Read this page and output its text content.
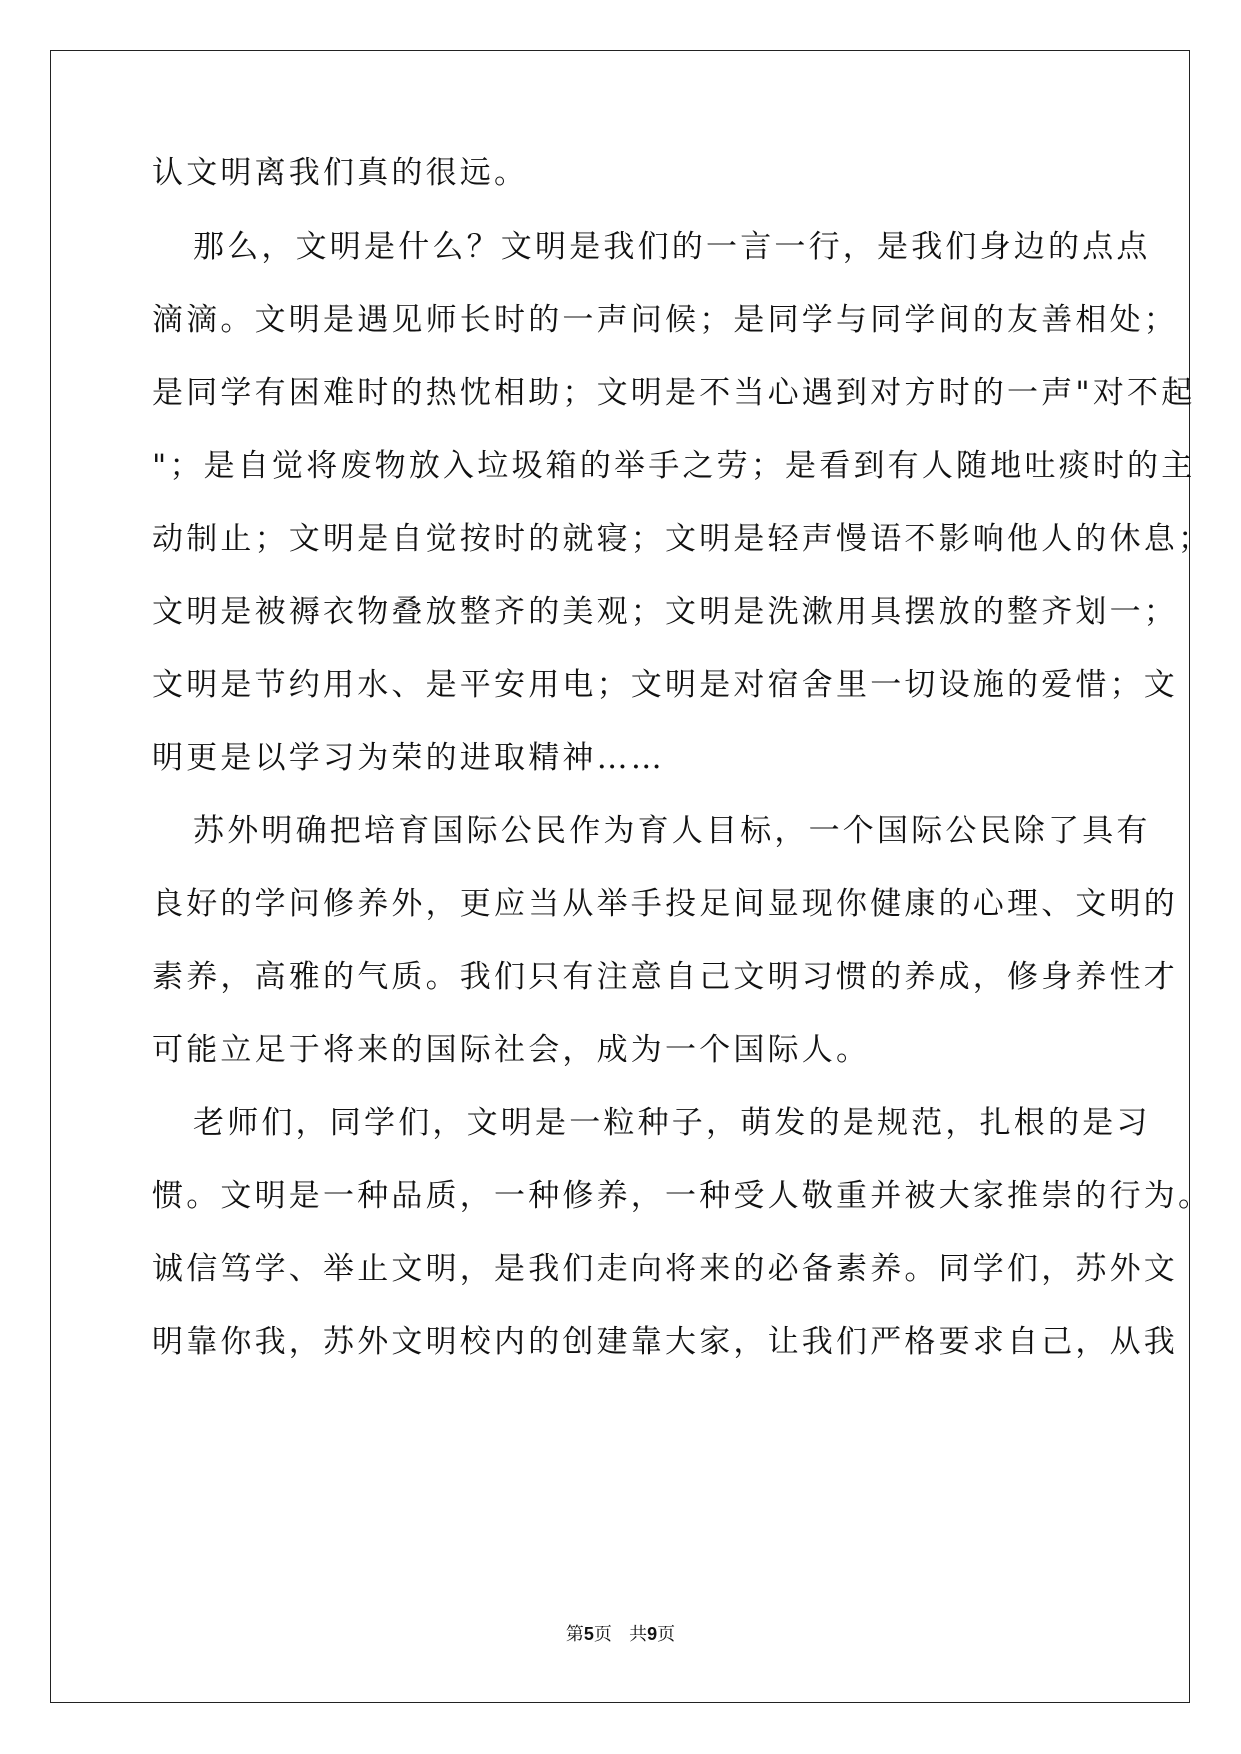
认文明离我们真的很远。
那么，文明是什么？文明是我们的一言一行，是我们身边的点点
滴滴。文明是遇见师长时的一声问候；是同学与同学间的友善相处；
是同学有困难时的热忱相助；文明是不当心遇到对方时的一声"对不起
"；是自觉将废物放入垃圾箱的举手之劳；是看到有人随地吐痰时的主
动制止；文明是自觉按时的就寝；文明是轻声慢语不影响他人的休息；
文明是被褥衣物叠放整齐的美观；文明是洗漱用具摆放的整齐划一；
文明是节约用水、是平安用电；文明是对宿舍里一切设施的爱惜；文
明更是以学习为荣的进取精神……
苏外明确把培育国际公民作为育人目标，一个国际公民除了具有
良好的学问修养外，更应当从举手投足间显现你健康的心理、文明的
素养，高雅的气质。我们只有注意自己文明习惯的养成，修身养性才
可能立足于将来的国际社会，成为一个国际人。
老师们，同学们，文明是一粒种子，萌发的是规范，扎根的是习
惯。文明是一种品质，一种修养，一种受人敬重并被大家推崇的行为。
诚信笃学、举止文明，是我们走向将来的必备素养。同学们，苏外文
明靠你我，苏外文明校内的创建靠大家，让我们严格要求自己，从我
第5页 共9页
